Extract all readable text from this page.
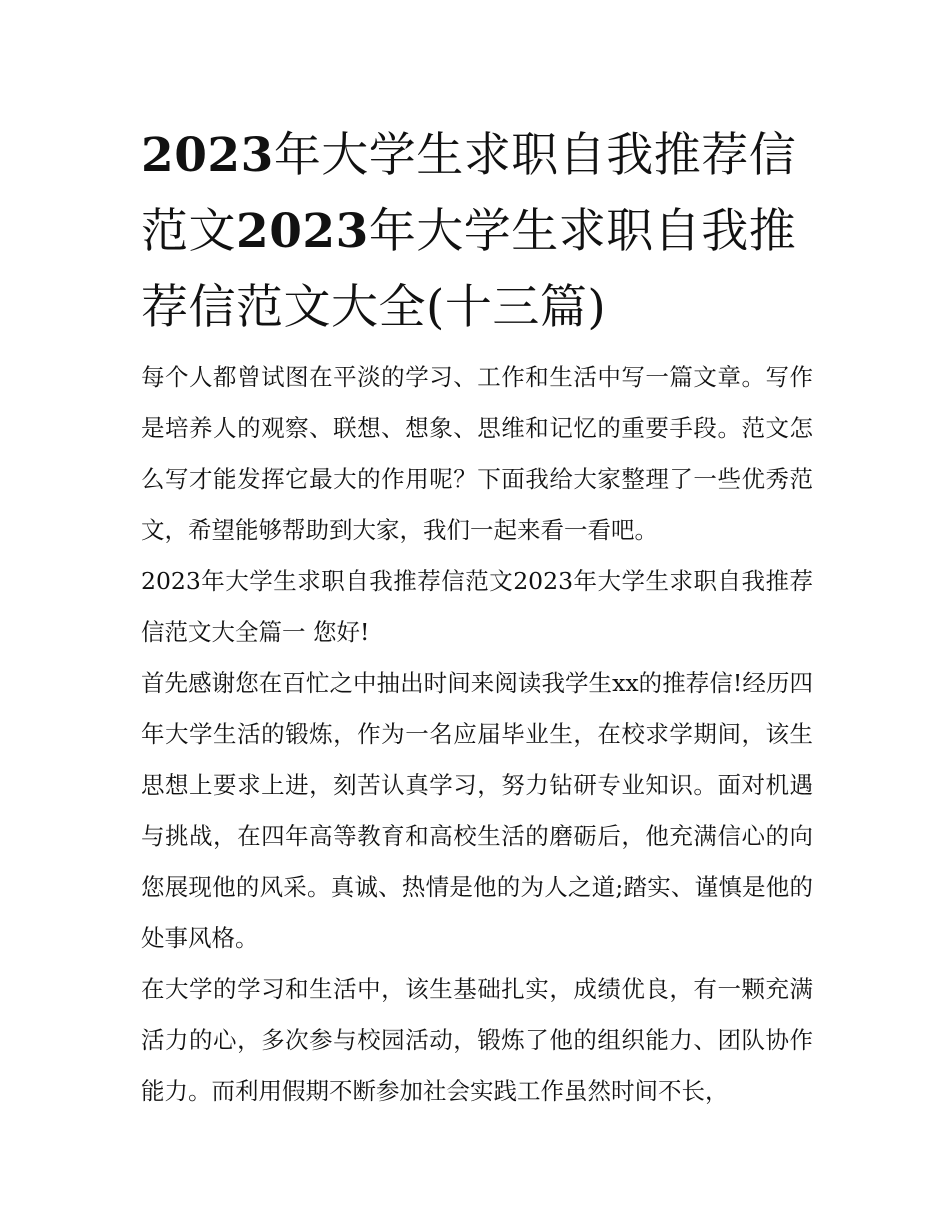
2023年大学生求职自我推荐信范文2023年大学生求职自我推荐信范文大全(十三篇)

每个人都曾试图在平淡的学习、工作和生活中写一篇文章。写作是培养人的观察、联想、想象、思维和记忆的重要手段。范文怎么写才能发挥它最大的作用呢？下面我给大家整理了一些优秀范文，希望能够帮助到大家，我们一起来看一看吧。

2023年大学生求职自我推荐信范文2023年大学生求职自我推荐信范文大全篇一 您好!

首先感谢您在百忙之中抽出时间来阅读我学生xx的推荐信!经历四年大学生活的锻炼，作为一名应届毕业生，在校求学期间，该生思想上要求上进，刻苦认真学习，努力钻研专业知识。面对机遇与挑战，在四年高等教育和高校生活的磨砺后，他充满信心的向您展现他的风采。真诚、热情是他的为人之道;踏实、谨慎是他的处事风格。

在大学的学习和生活中，该生基础扎实，成绩优良，有一颗充满活力的心，多次参与校园活动，锻炼了他的组织能力、团队协作能力。而利用假期不断参加社会实践工作虽然时间不长，
